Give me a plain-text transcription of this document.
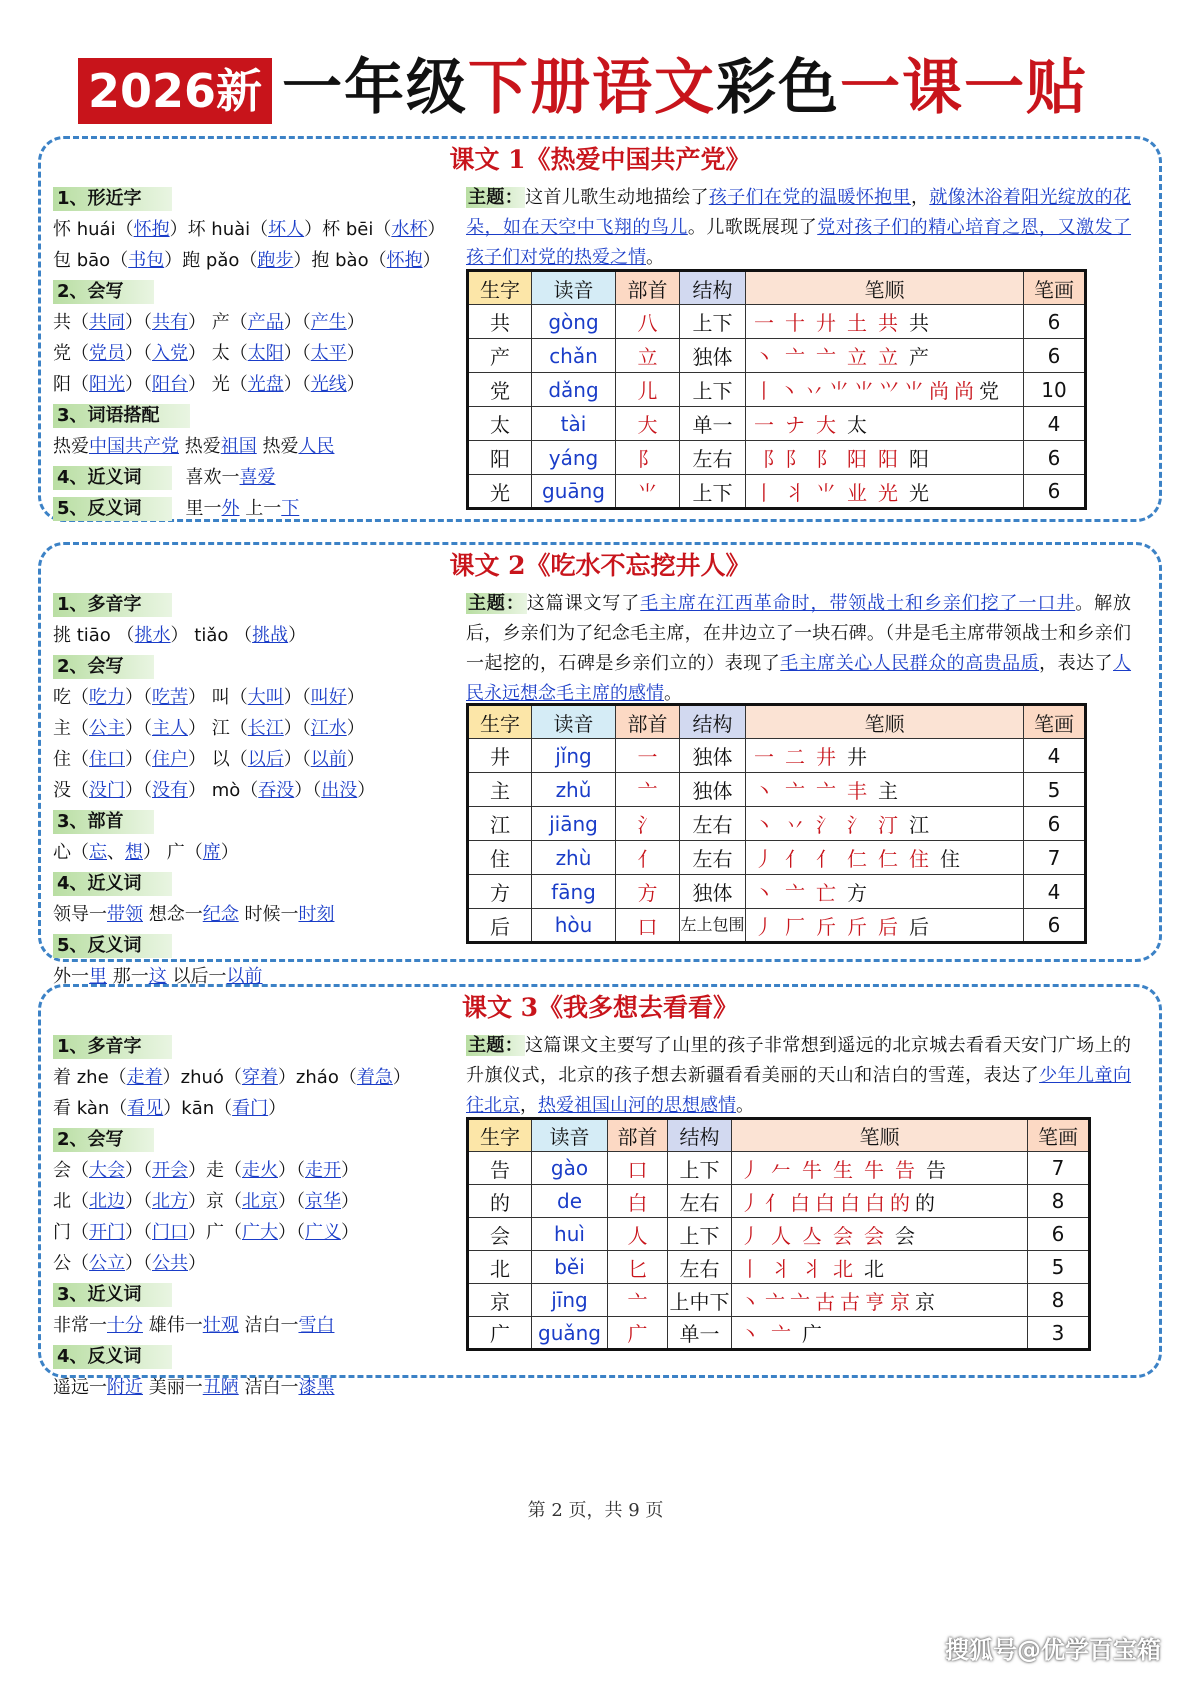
2026新 一年级下册语文彩色一课一贴
课文 1《热爱中国共产党》
1、形近字
怀 huái（怀抱）坏 huài（坏人）杯 bēi（水杯）
包 bāo（书包）跑 pǎo（跑步）抱 bào（怀抱）
2、会写
共（共同）（共有） 产（产品）（产生）
党（党员）（入党） 太（太阳）（太平）
阳（阳光）（阳台） 光（光盘）（光线）
3、词语搭配
热爱中国共产党 热爱祖国 热爱人民
4、近义词 喜欢一喜爱
5、反义词 里一外 上一下
主题： 这首儿歌生动地描绘了孩子们在党的温暖怀抱里，就像沐浴着阳光绽放的花朵，如在天空中飞翔的鸟儿。儿歌既展现了党对孩子们的精心培育之恩，又激发了孩子们对党的热爱之情。
生字	读音	部首	结构	笔顺	笔画
共	gòng	八	上下	一 十 廾 土 共 共	6
产	chǎn	立	独体	丶 亠 亠 立 立 产	6
党	dǎng	儿	上下	丨 丶 丷 ⺌ ⺌ ⺍ ⺌ 尚 尚 党	10
太	tài	大	单一	一 ナ 大 太	4
阳	yáng	阝	左右	⻏ 阝 阝 阳 阳 阳	6
光	guāng	⺌	上下	丨 丬 ⺌ 业 光 光	6
课文 2《吃水不忘挖井人》
1、多音字
挑 tiāo （挑水） tiǎo （挑战）
2、会写
吃（吃力）（吃苦） 叫（大叫）（叫好）
主（公主）（主人） 江（长江）（江水）
住（住口）（住户） 以（以后）（以前）
没（没门）（没有） mò（吞没）（出没）
3、部首
心（忘、想） 广（席）
4、近义词
领导一带领 想念一纪念 时候一时刻
5、反义词
外一里 那一这 以后一以前
主题： 这篇课文写了毛主席在江西革命时，带领战士和乡亲们挖了一口井。解放后，乡亲们为了纪念毛主席，在井边立了一块石碑。（井是毛主席带领战士和乡亲们一起挖的，石碑是乡亲们立的）表现了毛主席关心人民群众的高贵品质，表达了人民永远想念毛主席的感情。
生字	读音	部首	结构	笔顺	笔画
井	jǐng	一	独体	一 二 井 井	4
主	zhǔ	亠	独体	丶 亠 亠 丰 主	5
江	jiāng	氵	左右	丶 丷 氵 氵 汀 江	6
住	zhù	亻	左右	丿 亻 亻 仁 仁 住 住	7
方	fāng	方	独体	丶 亠 亡 方	4
后	hòu	口	左上包围	丿 厂 斤 斤 后 后	6
课文 3《我多想去看看》
1、多音字
着 zhe（走着）zhuó（穿着）zháo（着急）
看 kàn（看见）kān（看门）
2、会写
会（大会）（开会）走（走火）（走开）
北（北边）（北方）京（北京）（京华）
门（开门）（门口）广（广大）（广义）
公（公立）（公共）
3、近义词
非常一十分 雄伟一壮观 洁白一雪白
4、反义词
遥远一附近 美丽一丑陋 洁白一漆黑
主题： 这篇课文主要写了山里的孩子非常想到遥远的北京城去看看天安门广场上的升旗仪式，北京的孩子想去新疆看看美丽的天山和洁白的雪莲，表达了少年儿童向往北京，热爱祖国山河的思想感情。
生字	读音	部首	结构	笔顺	笔画
告	gào	口	上下	丿 𠂉 牛 生 牛 告 告	7
的	de	白	左右	丿 亻 白 白 白 白 的 的	8
会	huì	人	上下	丿 人 亼 会 会 会	6
北	běi	匕	左右	丨 丬 丬 北 北	5
京	jīng	亠	上中下	丶 亠 亠 古 古 亨 京 京	8
广	guǎng	广	单一	丶 亠 广	3
第 2 页，共 9 页
搜狐号@优学百宝箱
